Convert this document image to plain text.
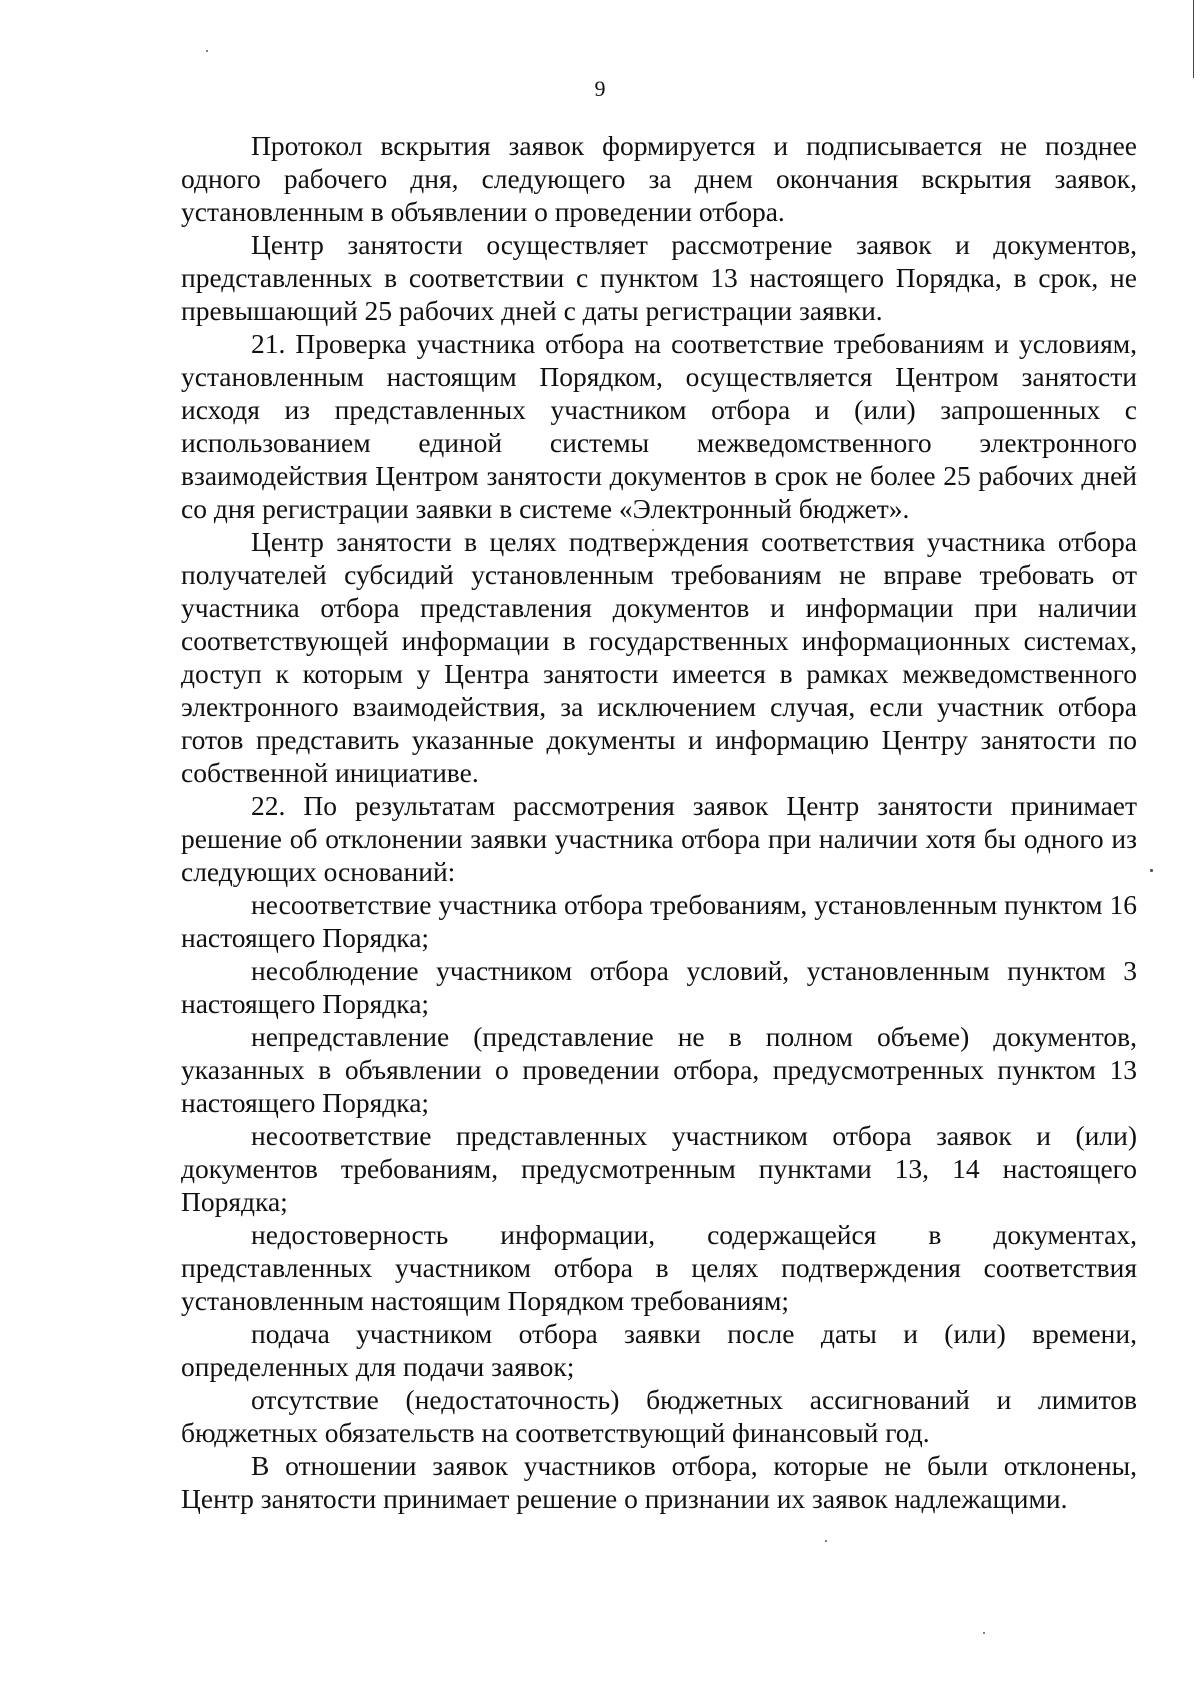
9

Протокол вскрытия заявок формируется и подписывается не позднее одного рабочего дня, следующего за днем окончания вскрытия заявок, установленным в объявлении о проведении отбора.

Центр занятости осуществляет рассмотрение заявок и документов, представленных в соответствии с пунктом 13 настоящего Порядка, в срок, не превышающий 25 рабочих дней с даты регистрации заявки.

21. Проверка участника отбора на соответствие требованиям и условиям, установленным настоящим Порядком, осуществляется Центром занятости исходя из представленных участником отбора и (или) запрошенных с использованием единой системы межведомственного электронного взаимодействия Центром занятости документов в срок не более 25 рабочих дней со дня регистрации заявки в системе «Электронный бюджет».

Центр занятости в целях подтверждения соответствия участника отбора получателей субсидий установленным требованиям не вправе требовать от участника отбора представления документов и информации при наличии соответствующей информации в государственных информационных системах, доступ к которым у Центра занятости имеется в рамках межведомственного электронного взаимодействия, за исключением случая, если участник отбора готов представить указанные документы и информацию Центру занятости по собственной инициативе.

22. По результатам рассмотрения заявок Центр занятости принимает решение об отклонении заявки участника отбора при наличии хотя бы одного из следующих оснований:

несоответствие участника отбора требованиям, установленным пунктом 16 настоящего Порядка;

несоблюдение участником отбора условий, установленным пунктом 3 настоящего Порядка;

непредставление (представление не в полном объеме) документов, указанных в объявлении о проведении отбора, предусмотренных пунктом 13 настоящего Порядка;

несоответствие представленных участником отбора заявок и (или) документов требованиям, предусмотренным пунктами 13, 14 настоящего Порядка;

недостоверность информации, содержащейся в документах, представленных участником отбора в целях подтверждения соответствия установленным настоящим Порядком требованиям;

подача участником отбора заявки после даты и (или) времени, определенных для подачи заявок;

отсутствие (недостаточность) бюджетных ассигнований и лимитов бюджетных обязательств на соответствующий финансовый год.

В отношении заявок участников отбора, которые не были отклонены, Центр занятости принимает решение о признании их заявок надлежащими.
